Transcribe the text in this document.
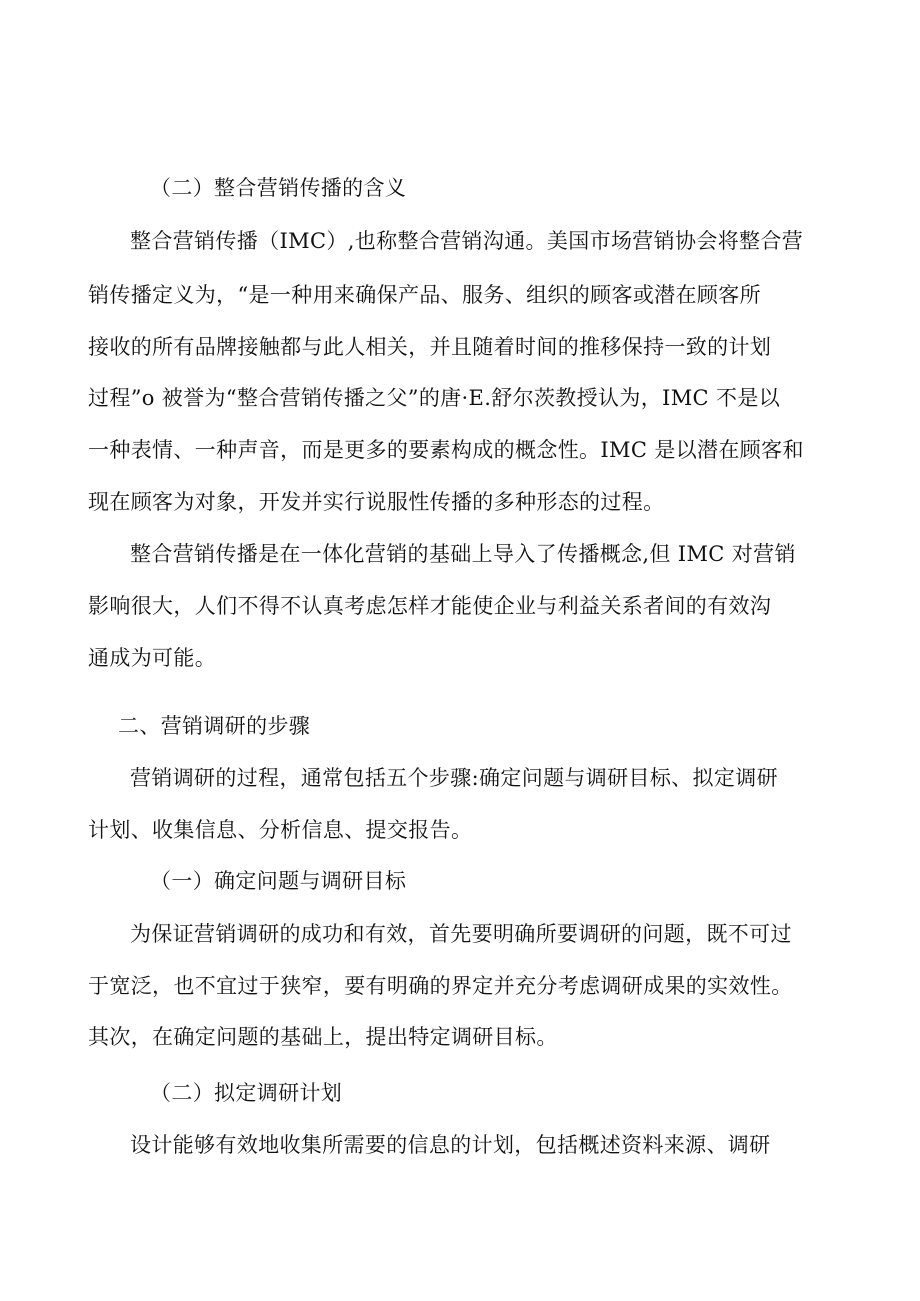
（二）整合营销传播的含义
整合营销传播（IMC）,也称整合营销沟通。美国市场营销协会将整合营
销传播定义为，“是一种用来确保产品、服务、组织的顾客或潜在顾客所
接收的所有品牌接触都与此人相关，并且随着时间的推移保持一致的计划
过程”o 被誉为“整合营销传播之父”的唐·E.舒尔茨教授认为，IMC 不是以
一种表情、一种声音，而是更多的要素构成的概念性。IMC 是以潜在顾客和
现在顾客为对象，开发并实行说服性传播的多种形态的过程。
整合营销传播是在一体化营销的基础上导入了传播概念,但 IMC 对营销
影响很大，人们不得不认真考虑怎样才能使企业与利益关系者间的有效沟
通成为可能。
二、营销调研的步骤
营销调研的过程，通常包括五个步骤:确定问题与调研目标、拟定调研
计划、收集信息、分析信息、提交报告。
（一）确定问题与调研目标
为保证营销调研的成功和有效，首先要明确所要调研的问题，既不可过
于宽泛，也不宜过于狭窄，要有明确的界定并充分考虑调研成果的实效性。
其次，在确定问题的基础上，提出特定调研目标。
（二）拟定调研计划
设计能够有效地收集所需要的信息的计划，包括概述资料来源、调研
